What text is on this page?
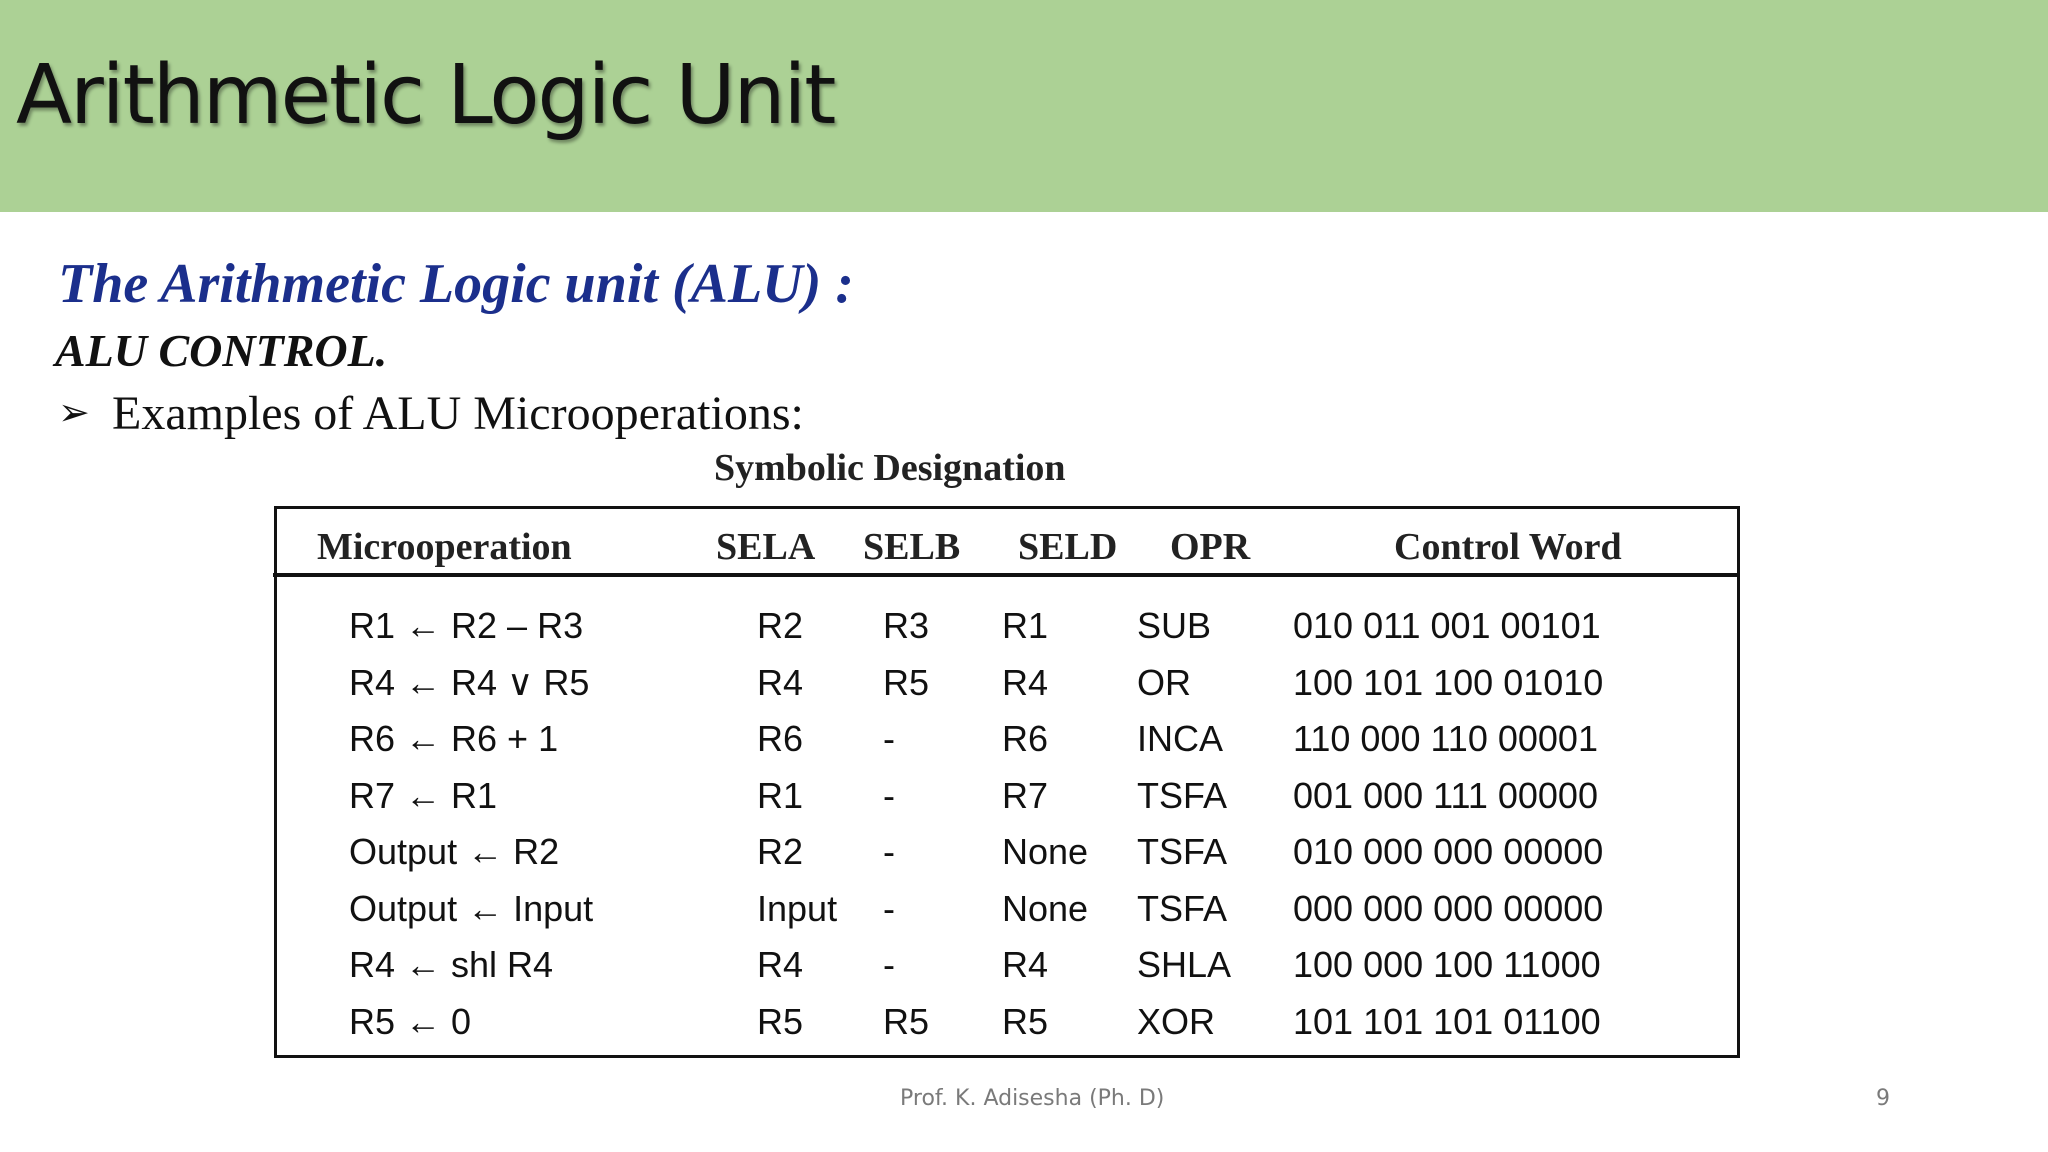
Arithmetic Logic Unit
The Arithmetic Logic unit (ALU) :
ALU CONTROL.
➢ Examples of ALU Microoperations:
Symbolic Designation
Microoperation	SELA SELB SELD OPR	Control Word
R1 ← R2 – R3	R2 R3 R1 SUB 010 011 001 00101
R4 ← R4 ∨ R5	R4 R5 R4 OR	100 101 100 01010
R6 ← R6 + 1	R6 -	R6 INCA 110 000 110 00001
R7 ← R1	R1 -	R7 TSFA 001 000 111 00000
Output ← R2	R2 -	None TSFA 010 000 000 00000
Output ← Input	Input -	None TSFA 000 000 000 00000
R4 ← shl R4	R4 -	R4 SHLA 100 000 100 11000
R5 ← 0	R5 R5 R5 XOR 101 101 101 01100
Prof. K. Adisesha (Ph. D)	9
